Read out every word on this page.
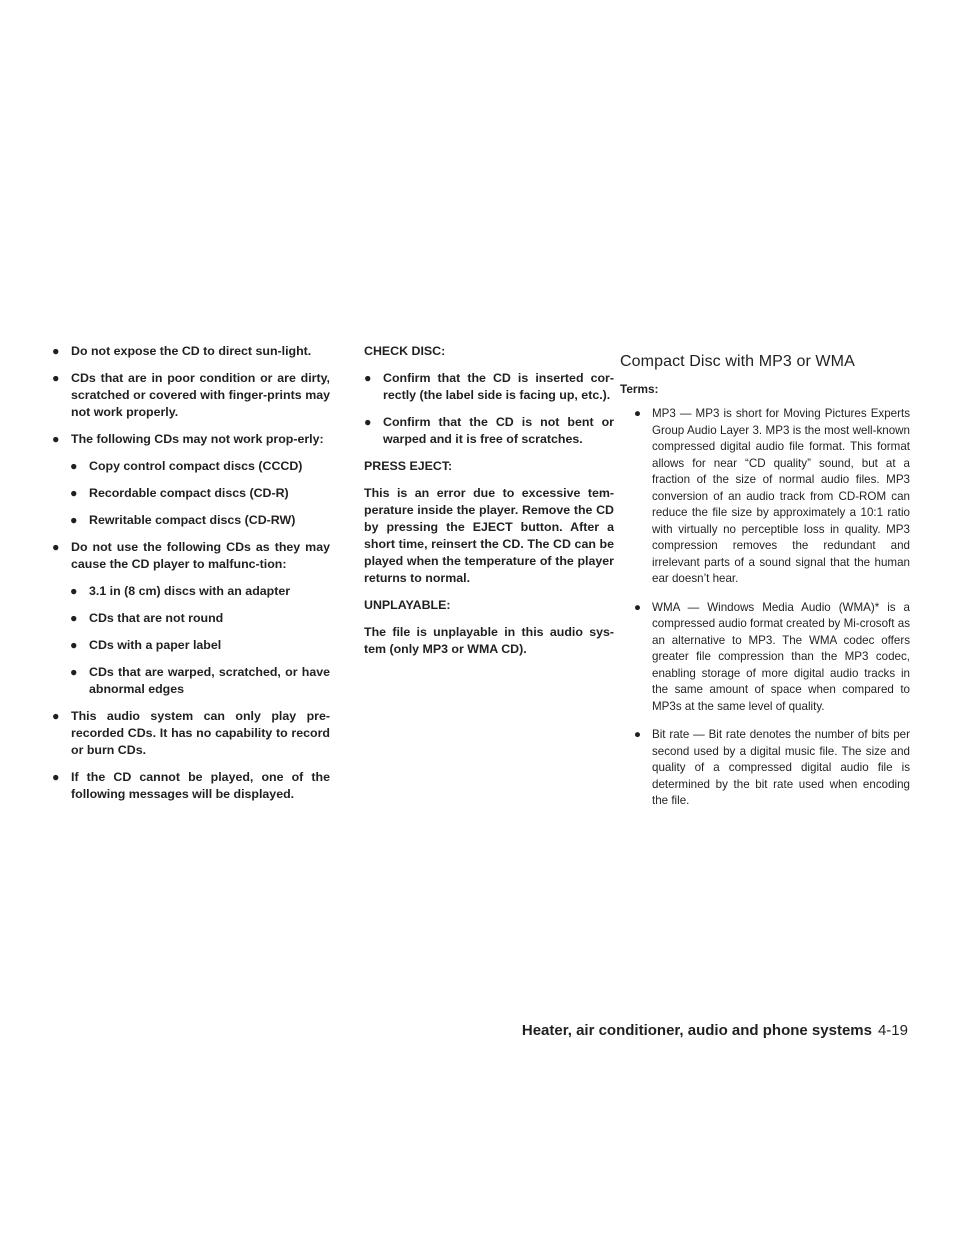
● Do not expose the CD to direct sun-light.
● CDs that are in poor condition or are dirty, scratched or covered with finger-prints may not work properly.
● The following CDs may not work prop-erly:
● Copy control compact discs (CCCD)
● Recordable compact discs (CD-R)
● Rewritable compact discs (CD-RW)
● Do not use the following CDs as they may cause the CD player to malfunc-tion:
● 3.1 in (8 cm) discs with an adapter
● CDs that are not round
● CDs with a paper label
● CDs that are warped, scratched, or have abnormal edges
● This audio system can only play pre-recorded CDs. It has no capability to record or burn CDs.
● If the CD cannot be played, one of the following messages will be displayed.
CHECK DISC:
● Confirm that the CD is inserted cor-rectly (the label side is facing up, etc.).
● Confirm that the CD is not bent or warped and it is free of scratches.
PRESS EJECT:
This is an error due to excessive tem-perature inside the player. Remove the CD by pressing the EJECT button. After a short time, reinsert the CD. The CD can be played when the temperature of the player returns to normal.
UNPLAYABLE:
The file is unplayable in this audio sys-tem (only MP3 or WMA CD).
Compact Disc with MP3 or WMA
Terms:
● MP3 — MP3 is short for Moving Pictures Experts Group Audio Layer 3. MP3 is the most well-known compressed digital audio file format. This format allows for near “CD quality” sound, but at a fraction of the size of normal audio files. MP3 conversion of an audio track from CD-ROM can reduce the file size by approximately a 10:1 ratio with virtually no perceptible loss in quality. MP3 compression removes the redundant and irrelevant parts of a sound signal that the human ear doesn’t hear.
● WMA — Windows Media Audio (WMA)* is a compressed audio format created by Mi-crosoft as an alternative to MP3. The WMA codec offers greater file compression than the MP3 codec, enabling storage of more digital audio tracks in the same amount of space when compared to MP3s at the same level of quality.
● Bit rate — Bit rate denotes the number of bits per second used by a digital music file. The size and quality of a compressed digital audio file is determined by the bit rate used when encoding the file.
Heater, air conditioner, audio and phone systems 4-19
